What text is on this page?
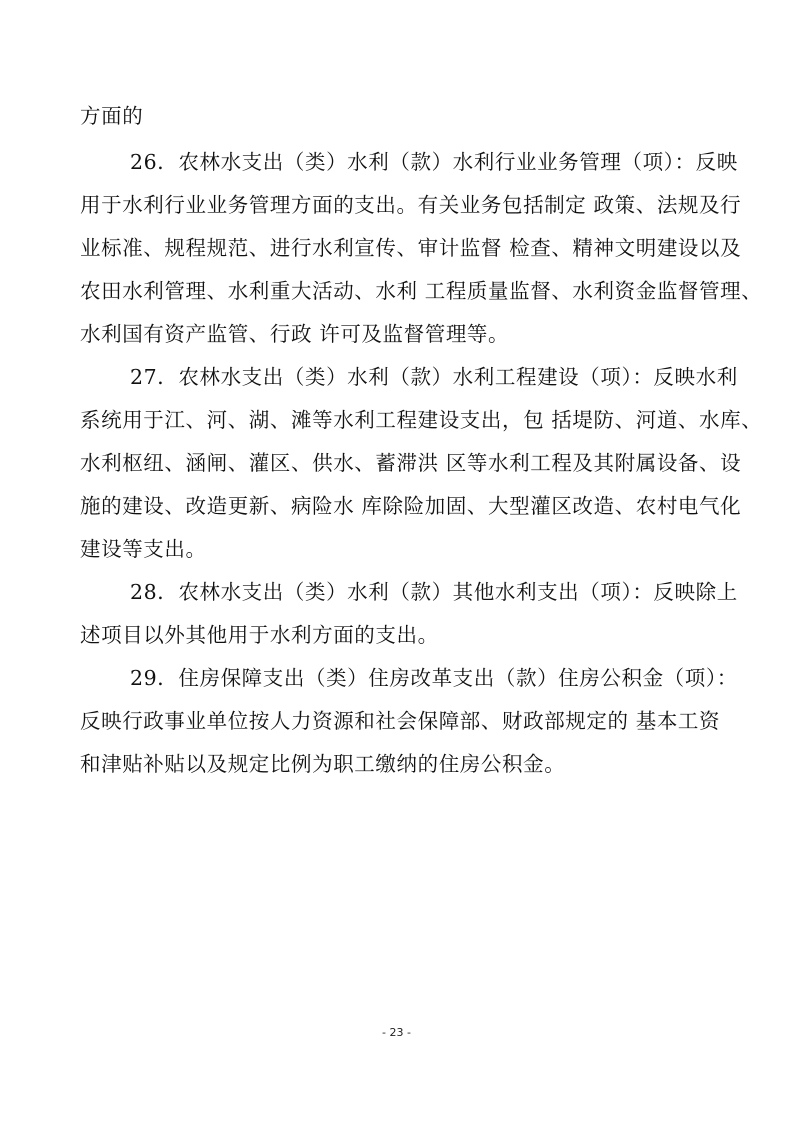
方面的
26．农林水支出（类）水利（款）水利行业业务管理（项）：反映
用于水利行业业务管理方面的支出。有关业务包括制定 政策、法规及行
业标准、规程规范、进行水利宣传、审计监督 检查、精神文明建设以及
农田水利管理、水利重大活动、水利 工程质量监督、水利资金监督管理、
水利国有资产监管、行政 许可及监督管理等。
27．农林水支出（类）水利（款）水利工程建设（项）：反映水利
系统用于江、河、湖、滩等水利工程建设支出，包 括堤防、河道、水库、
水利枢纽、涵闸、灌区、供水、蓄滞洪 区等水利工程及其附属设备、设
施的建设、改造更新、病险水 库除险加固、大型灌区改造、农村电气化
建设等支出。
28．农林水支出（类）水利（款）其他水利支出（项）：反映除上
述项目以外其他用于水利方面的支出。
29．住房保障支出（类）住房改革支出（款）住房公积金（项）：
反映行政事业单位按人力资源和社会保障部、财政部规定的 基本工资
和津贴补贴以及规定比例为职工缴纳的住房公积金。
- 23 -
